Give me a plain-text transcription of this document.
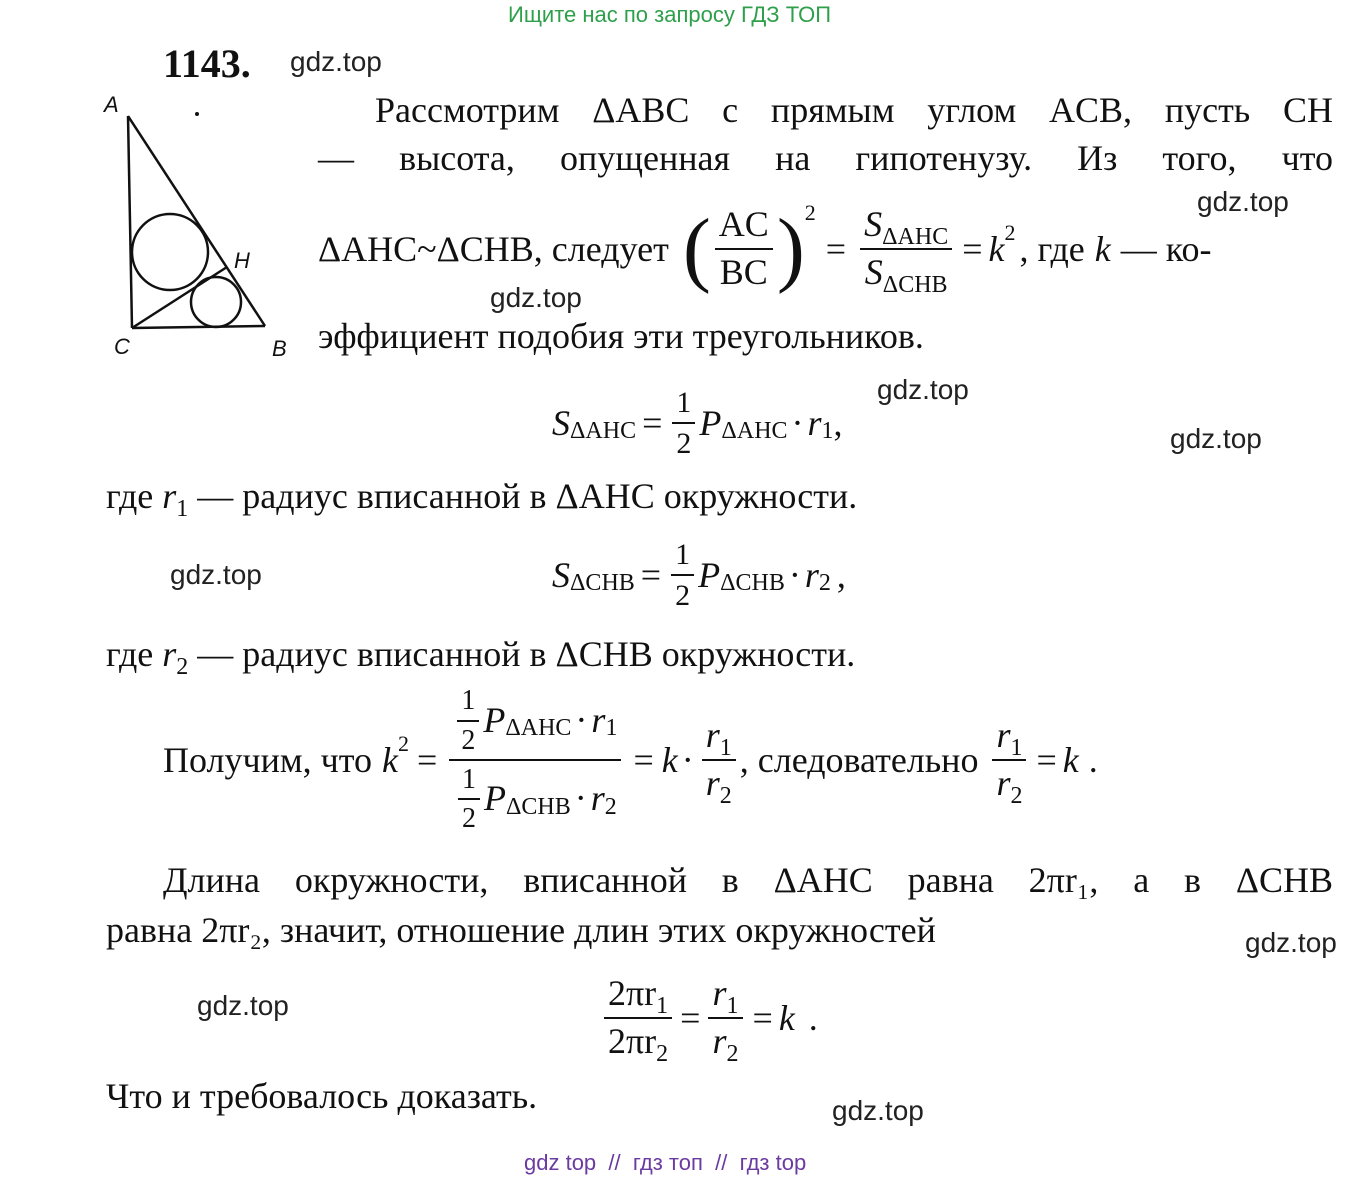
Ищите нас по запросу ГДЗ ТОП
1143. gdz.top
gdz.top
gdz.top
gdz.top
gdz.top
gdz.top
gdz.top
gdz.top
gdz.top
A
C	B
H
Рассмотрим ΔABC с прямым углом ACB, пусть CH
— высота, опущенная на гипотенузу. Из того, что
ΔAHC~ΔCHB, следует ( $\frac{AC}{BC}$ ) 2
= $\frac{S_{\Delta AHC}}{S_{\Delta CHB}} = k$ 2 , где k — ко-
эффициент подобия эти треугольников.
S $\Delta AHC = \frac{1}{2}$ P ΔAHC · r 1 ,
где $r_1$ — радиус вписанной в ΔAHC окружности.
S $\Delta CHB = \frac{1}{2}$ P ΔCHB · r 2 ,
где $r_2$ — радиус вписанной в ΔCHB окружности.
Получим, что k $2 = \frac{\frac{1}{2} P \Delta AHC \cdot r 1}{\frac{1}{2} P \Delta CHB \cdot r 2} = k \cdot \frac{r_1}{r_2}$ , следовательно $\frac{r_1}{r_2} = k$ .
Длина окружности, вписанной в ΔAHC равна 2πr₁, а в ΔCHB
равна 2πr₂, значит, отношение длин этих окружностей
$\frac{2\pi r_1}{2\pi r_2} = \frac{r_1}{r_2} = k$ .
Что и требовалось доказать.
gdz top  //  гдз топ  //  гдз top
